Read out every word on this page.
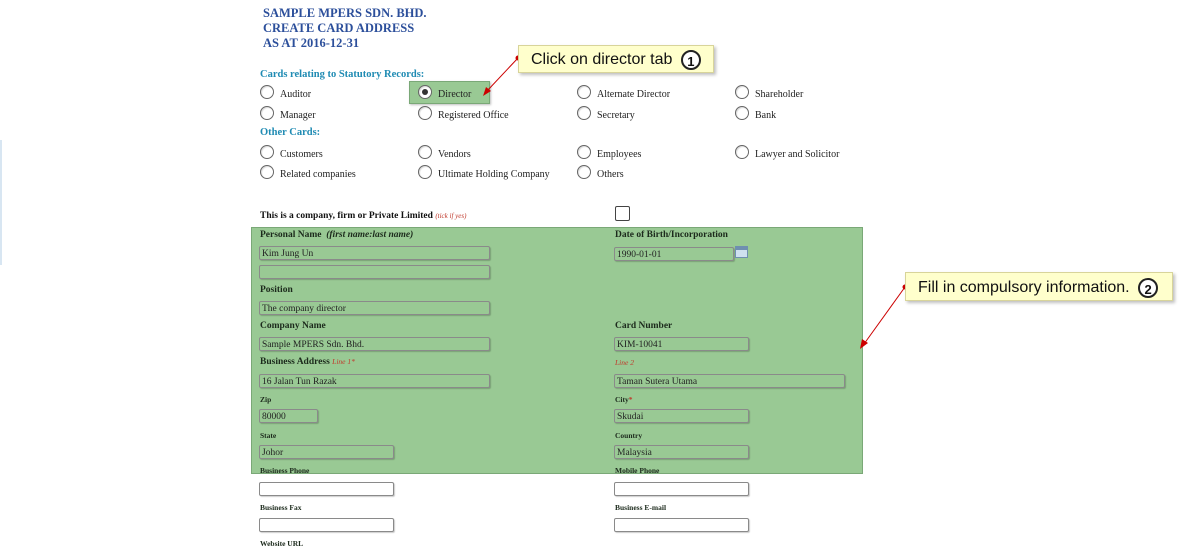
SAMPLE MPERS SDN. BHD.
CREATE CARD ADDRESS
AS AT 2016-12-31
Cards relating to Statutory Records:
Auditor	Director	Alternate Director	Shareholder
Manager	Registered Office	Secretary	Bank
Other Cards:
Customers	Vendors	Employees	Lawyer and Solicitor
Related companies	Ultimate Holding Company	Others
This is a company, firm or Private Limited (tick if yes)
Personal Name (first name:last name)
Kim Jung Un
Date of Birth/Incorporation
1990-01-01
Position
The company director
Company Name
Sample MPERS Sdn. Bhd.
Card Number
KIM-10041
Business Address Line 1*	Line 2
16 Jalan Tun Razak	Taman Sutera Utama
Zip
80000
City*
Skudai
State
Johor
Country
Malaysia
Business Phone	Mobile Phone
Business Fax	Business E-mail
Website URL
Click on director tab 1
Fill in compulsory information. 2
